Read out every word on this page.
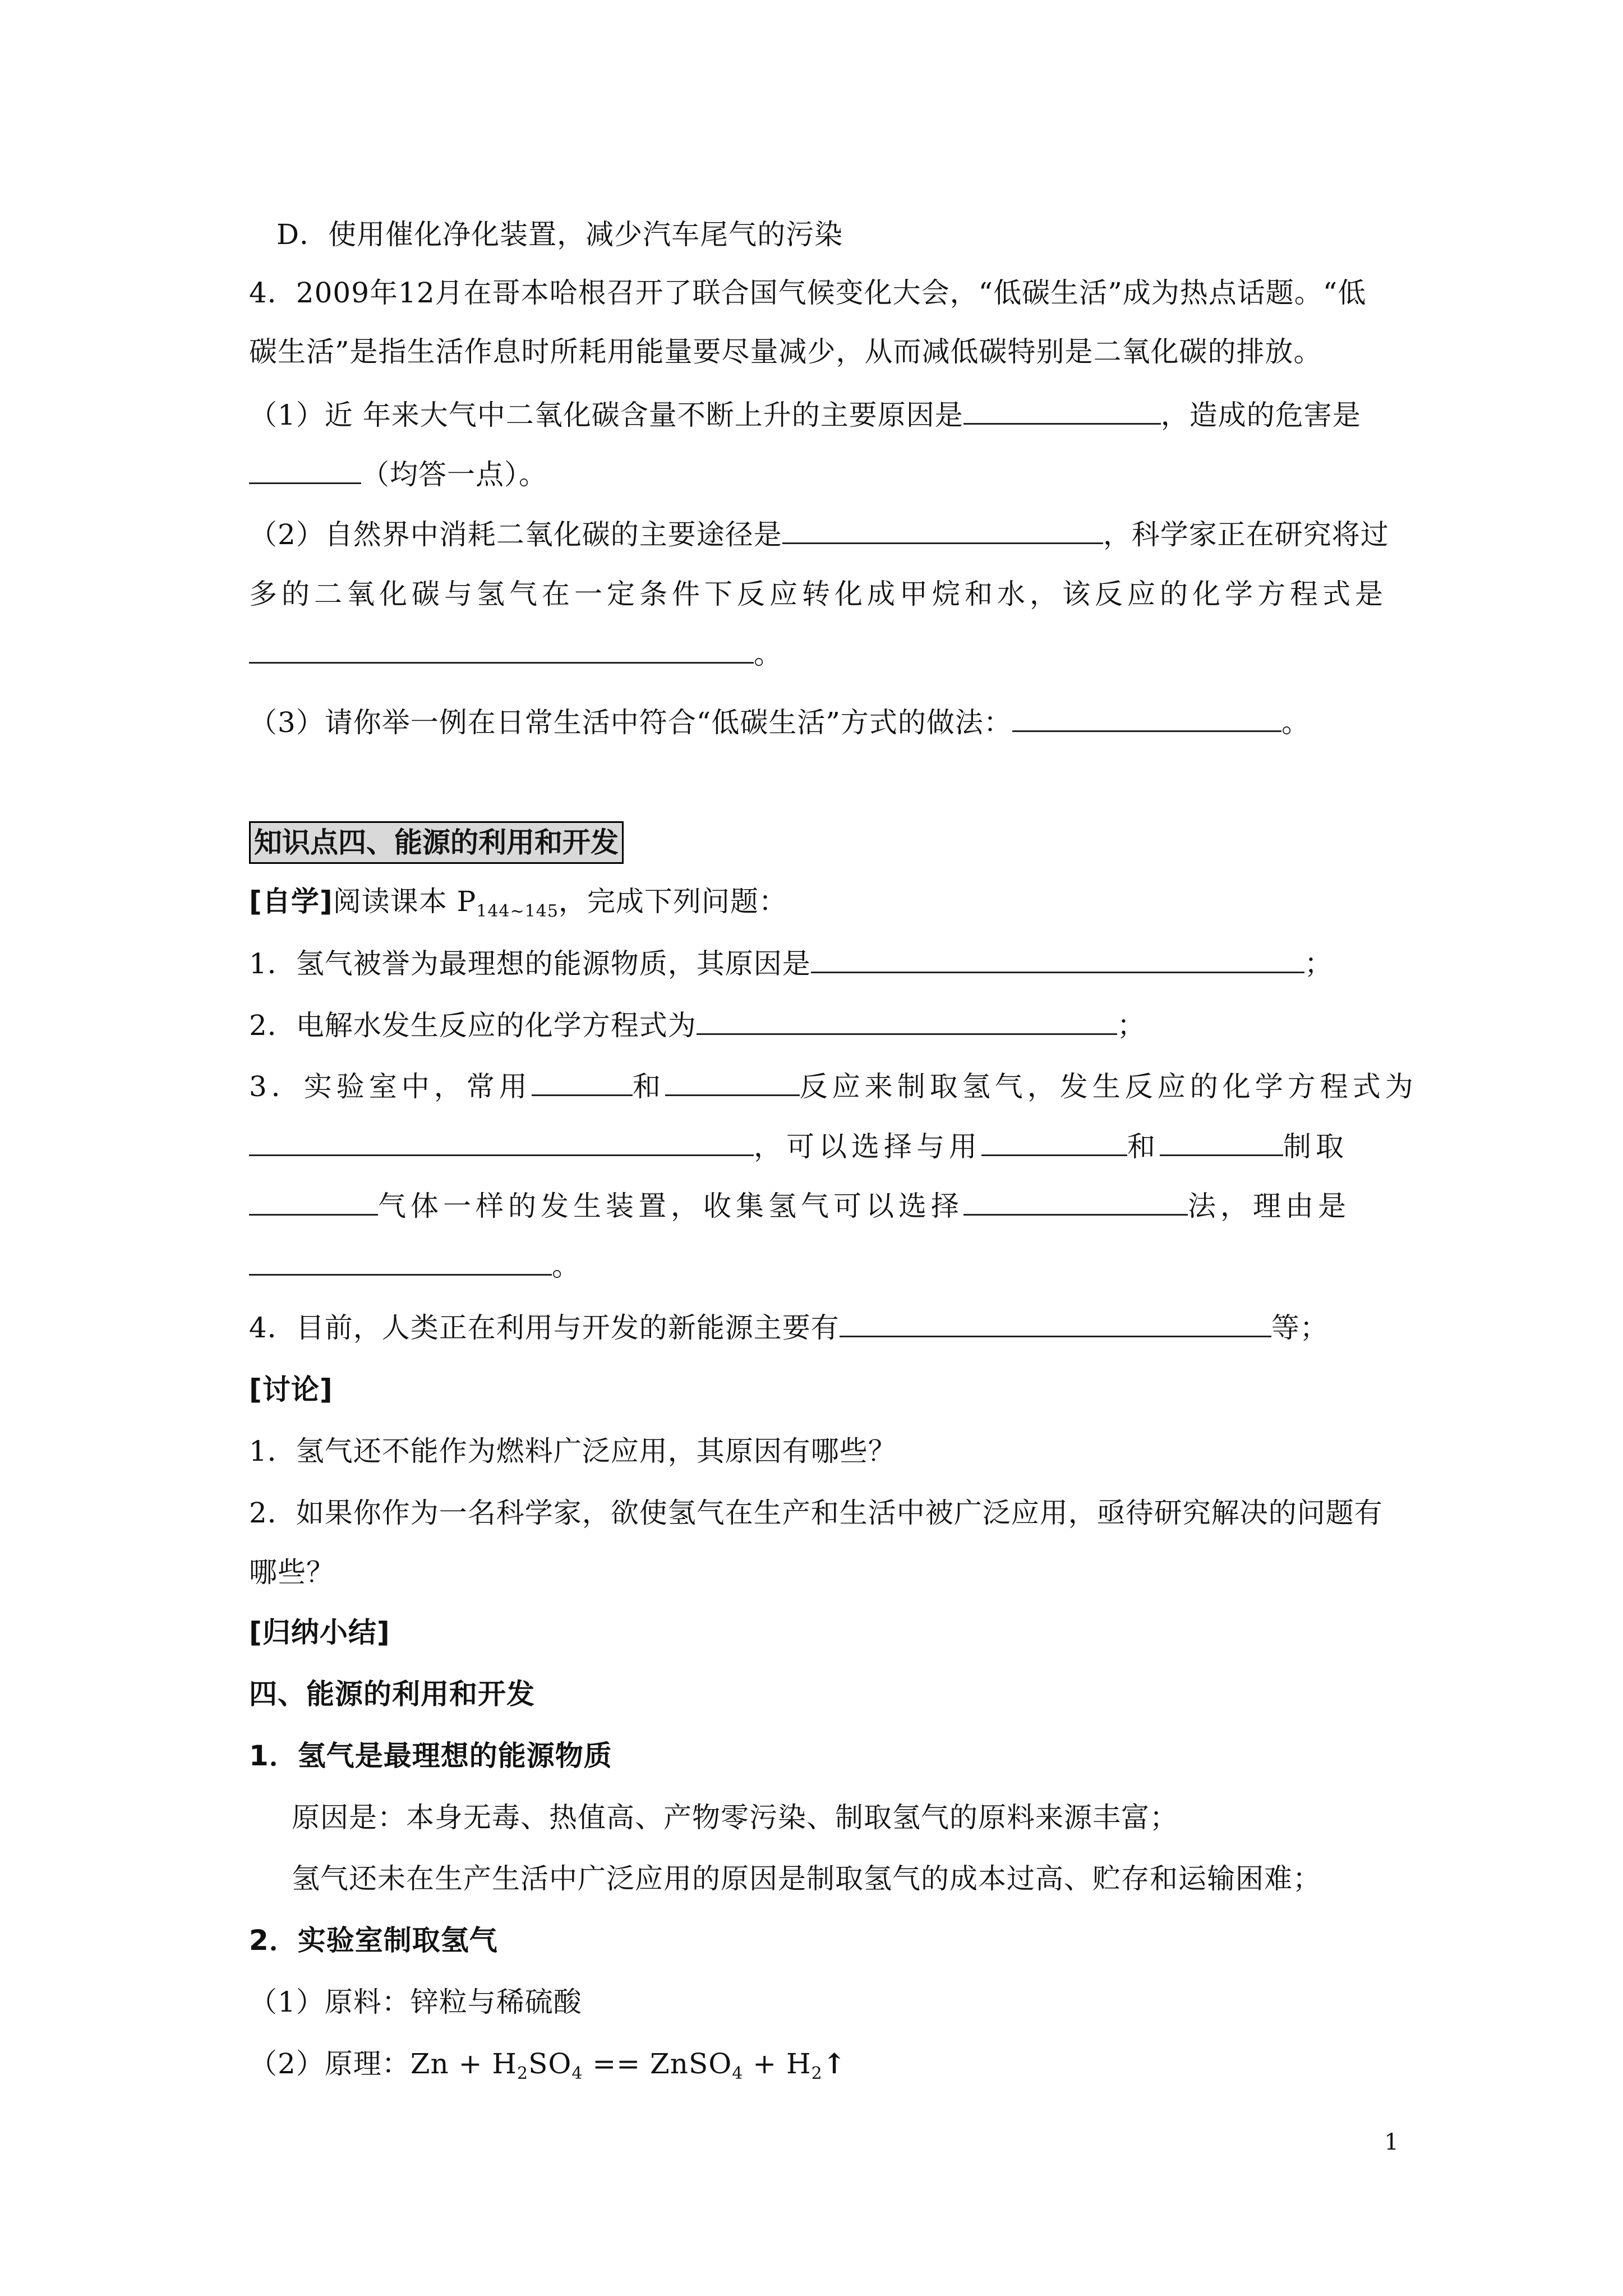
D．使用催化净化装置，减少汽车尾气的污染
4．2009年12月在哥本哈根召开了联合国气候变化大会，“低碳生活”成为热点话题。“低
碳生活”是指生活作息时所耗用能量要尽量减少，从而减低碳特别是二氧化碳的排放。
（1）近 年来大气中二氧化碳含量不断上升的主要原因是	，造成的危害是
（均答一点）。
（2）自然界中消耗二氧化碳的主要途径是	，科学家正在研究将过
多的二氧化碳与氢气在一定条件下反应转化成甲烷和水，该反应的化学方程式是
。
（3）请你举一例在日常生活中符合“低碳生活”方式的做法：	。
知识点四、能源的利用和开发
[自学]阅读课本 $P_{144\sim 145}$，完成下列问题：
1．氢气被誉为最理想的能源物质，其原因是	；
2．电解水发生反应的化学方程式为	；
3．实验室中，常用	和	反应来制取氢气，发生反应的化学方程式为
，可以选择与用	和	制取
气体一样的发生装置，收集氢气可以选择	法，理由是
。
4．目前，人类正在利用与开发的新能源主要有	等；
[讨论]
1．氢气还不能作为燃料广泛应用，其原因有哪些？
2．如果你作为一名科学家，欲使氢气在生产和生活中被广泛应用，亟待研究解决的问题有
哪些？
[归纳小结]
四、能源的利用和开发
1．氢气是最理想的能源物质
原因是：本身无毒、热值高、产物零污染、制取氢气的原料来源丰富；
氢气还未在生产生活中广泛应用的原因是制取氢气的成本过高、贮存和运输困难；
2．实验室制取氢气
（1）原料：锌粒与稀硫酸
（2）原理：$Zn + H_2SO_4$ == ZnSO$_4$ + $H_2↑$
1
